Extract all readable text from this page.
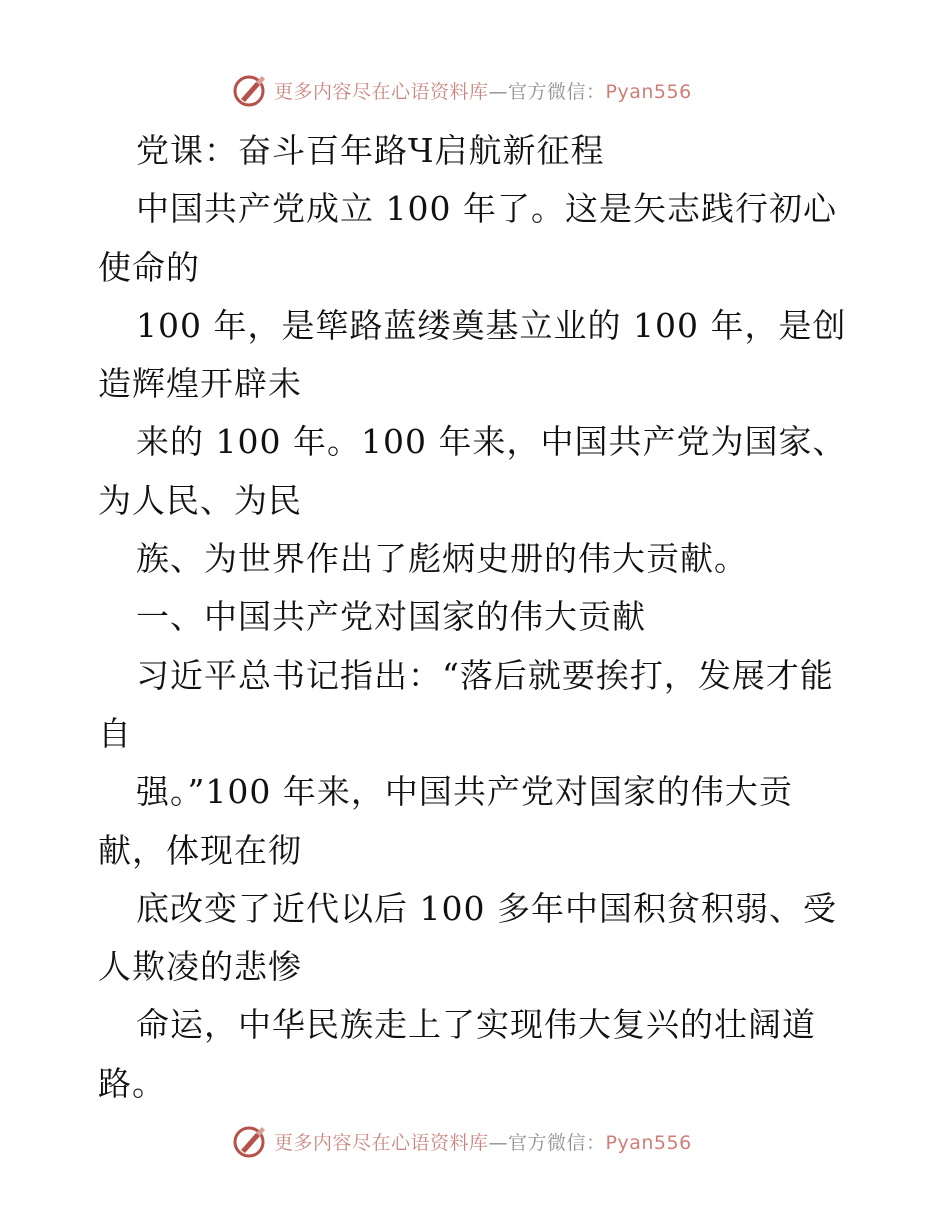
更多内容尽在心语资料库—官方微信：Pyan556
党课：奋斗百年路Ч启航新征程
中国共产党成立 100 年了。这是矢志践行初心
使命的
100 年，是筚路蓝缕奠基立业的 100 年，是创
造辉煌开辟未
来的 100 年。100 年来，中国共产党为国家、
为人民、为民
族、为世界作出了彪炳史册的伟大贡献。
一、中国共产党对国家的伟大贡献
习近平总书记指出：“落后就要挨打，发展才能
自
强。”100 年来，中国共产党对国家的伟大贡
献，体现在彻
底改变了近代以后 100 多年中国积贫积弱、受
人欺凌的悲惨
命运，中华民族走上了实现伟大复兴的壮阔道
路。
更多内容尽在心语资料库—官方微信：Pyan556
